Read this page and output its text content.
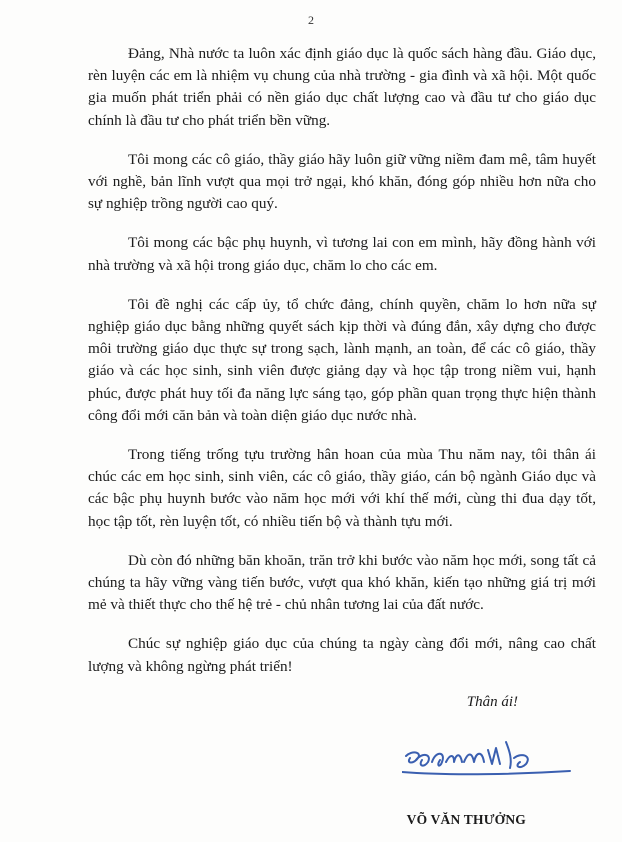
2

Đảng, Nhà nước ta luôn xác định giáo dục là quốc sách hàng đầu. Giáo dục, rèn luyện các em là nhiệm vụ chung của nhà trường - gia đình và xã hội. Một quốc gia muốn phát triển phải có nền giáo dục chất lượng cao và đầu tư cho giáo dục chính là đầu tư cho phát triển bền vững.

Tôi mong các cô giáo, thầy giáo hãy luôn giữ vững niềm đam mê, tâm huyết với nghề, bản lĩnh vượt qua mọi trở ngại, khó khăn, đóng góp nhiều hơn nữa cho sự nghiệp trồng người cao quý.

Tôi mong các bậc phụ huynh, vì tương lai con em mình, hãy đồng hành với nhà trường và xã hội trong giáo dục, chăm lo cho các em.

Tôi đề nghị các cấp ủy, tổ chức đảng, chính quyền, chăm lo hơn nữa sự nghiệp giáo dục bằng những quyết sách kịp thời và đúng đắn, xây dựng cho được môi trường giáo dục thực sự trong sạch, lành mạnh, an toàn, để các cô giáo, thầy giáo và các học sinh, sinh viên được giảng dạy và học tập trong niềm vui, hạnh phúc, được phát huy tối đa năng lực sáng tạo, góp phần quan trọng thực hiện thành công đổi mới căn bản và toàn diện giáo dục nước nhà.

Trong tiếng trống tựu trường hân hoan của mùa Thu năm nay, tôi thân ái chúc các em học sinh, sinh viên, các cô giáo, thầy giáo, cán bộ ngành Giáo dục và các bậc phụ huynh bước vào năm học mới với khí thế mới, cùng thi đua dạy tốt, học tập tốt, rèn luyện tốt, có nhiều tiến bộ và thành tựu mới.

Dù còn đó những băn khoăn, trăn trở khi bước vào năm học mới, song tất cả chúng ta hãy vững vàng tiến bước, vượt qua khó khăn, kiến tạo những giá trị mới mẻ và thiết thực cho thế hệ trẻ - chủ nhân tương lai của đất nước.

Chúc sự nghiệp giáo dục của chúng ta ngày càng đổi mới, nâng cao chất lượng và không ngừng phát triển!

Thân ái!
VÕ VĂN THƯỞNG
